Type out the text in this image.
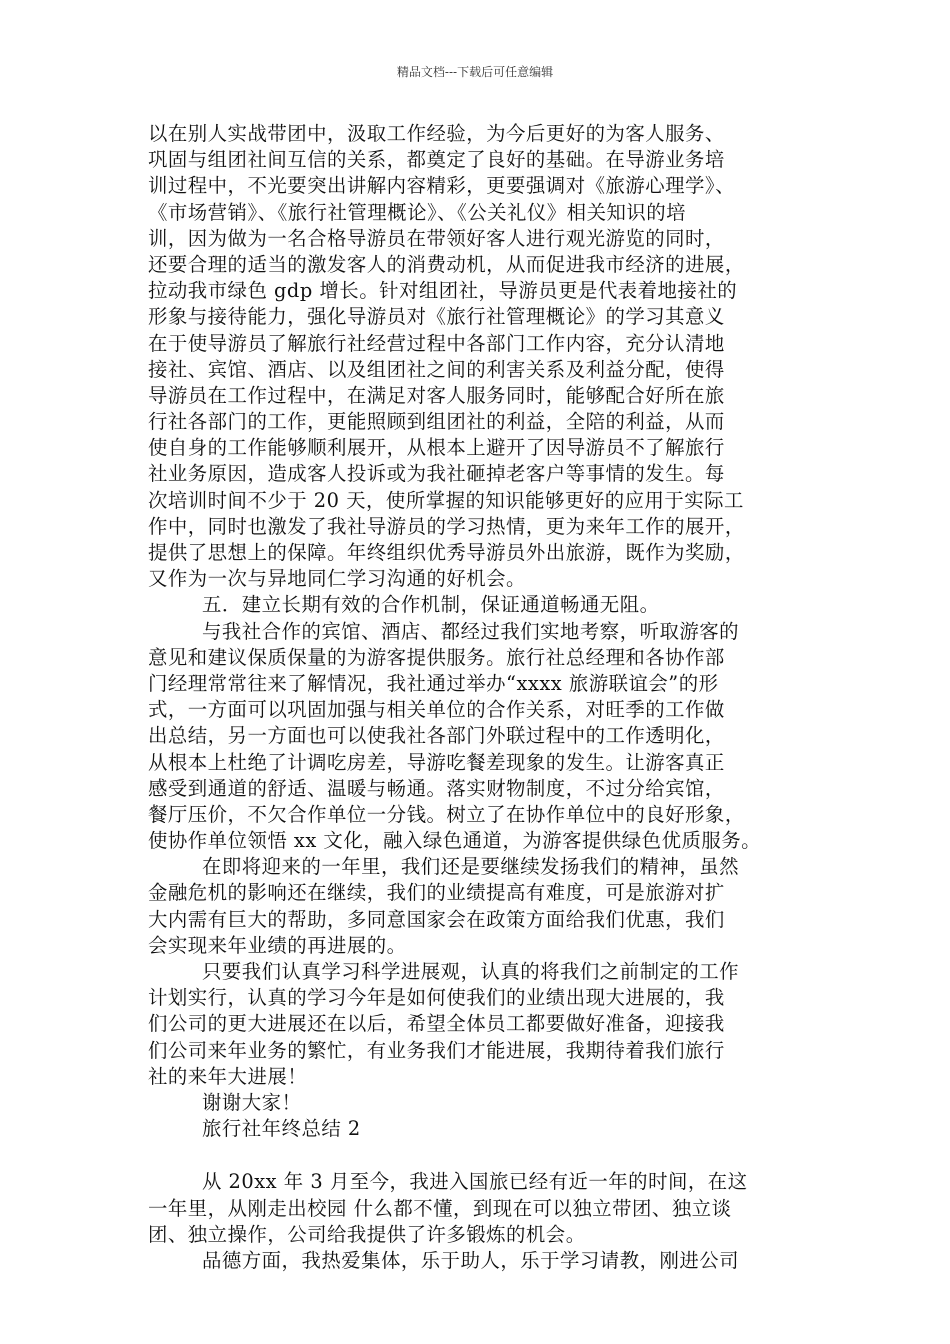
精品文档---下载后可任意编辑
以在别人实战带团中，汲取工作经验，为今后更好的为客人服务、
巩固与组团社间互信的关系，都奠定了良好的基础。在导游业务培
训过程中，不光要突出讲解内容精彩，更要强调对《旅游心理学》、
《市场营销》、《旅行社管理概论》、《公关礼仪》相关知识的培
训，因为做为一名合格导游员在带领好客人进行观光游览的同时，
还要合理的适当的激发客人的消费动机，从而促进我市经济的进展，
拉动我市绿色 gdp 增长。针对组团社，导游员更是代表着地接社的
形象与接待能力，强化导游员对《旅行社管理概论》的学习其意义
在于使导游员了解旅行社经营过程中各部门工作内容，充分认清地
接社、宾馆、酒店、以及组团社之间的利害关系及利益分配，使得
导游员在工作过程中，在满足对客人服务同时，能够配合好所在旅
行社各部门的工作，更能照顾到组团社的利益，全陪的利益，从而
使自身的工作能够顺利展开，从根本上避开了因导游员不了解旅行
社业务原因，造成客人投诉或为我社砸掉老客户等事情的发生。每
次培训时间不少于 20 天，使所掌握的知识能够更好的应用于实际工
作中，同时也激发了我社导游员的学习热情，更为来年工作的展开，
提供了思想上的保障。年终组织优秀导游员外出旅游，既作为奖励，
又作为一次与异地同仁学习沟通的好机会。
五．建立长期有效的合作机制，保证通道畅通无阻。
与我社合作的宾馆、酒店、都经过我们实地考察，听取游客的
意见和建议保质保量的为游客提供服务。旅行社总经理和各协作部
门经理常常往来了解情况，我社通过举办“xxxx 旅游联谊会”的形
式，一方面可以巩固加强与相关单位的合作关系，对旺季的工作做
出总结，另一方面也可以使我社各部门外联过程中的工作透明化，
从根本上杜绝了计调吃房差，导游吃餐差现象的发生。让游客真正
感受到通道的舒适、温暖与畅通。落实财物制度，不过分给宾馆，
餐厅压价，不欠合作单位一分钱。树立了在协作单位中的良好形象，
使协作单位领悟 xx 文化，融入绿色通道，为游客提供绿色优质服务。
在即将迎来的一年里，我们还是要继续发扬我们的精神，虽然
金融危机的影响还在继续，我们的业绩提高有难度，可是旅游对扩
大内需有巨大的帮助，多同意国家会在政策方面给我们优惠，我们
会实现来年业绩的再进展的。
只要我们认真学习科学进展观，认真的将我们之前制定的工作
计划实行，认真的学习今年是如何使我们的业绩出现大进展的，我
们公司的更大进展还在以后，希望全体员工都要做好准备，迎接我
们公司来年业务的繁忙，有业务我们才能进展，我期待着我们旅行
社的来年大进展！
谢谢大家！
旅行社年终总结 2
从 20xx 年 3 月至今，我进入国旅已经有近一年的时间，在这
一年里，从刚走出校园 什么都不懂，到现在可以独立带团、独立谈
团、独立操作，公司给我提供了许多锻炼的机会。
品德方面，我热爱集体，乐于助人，乐于学习请教，刚进公司
